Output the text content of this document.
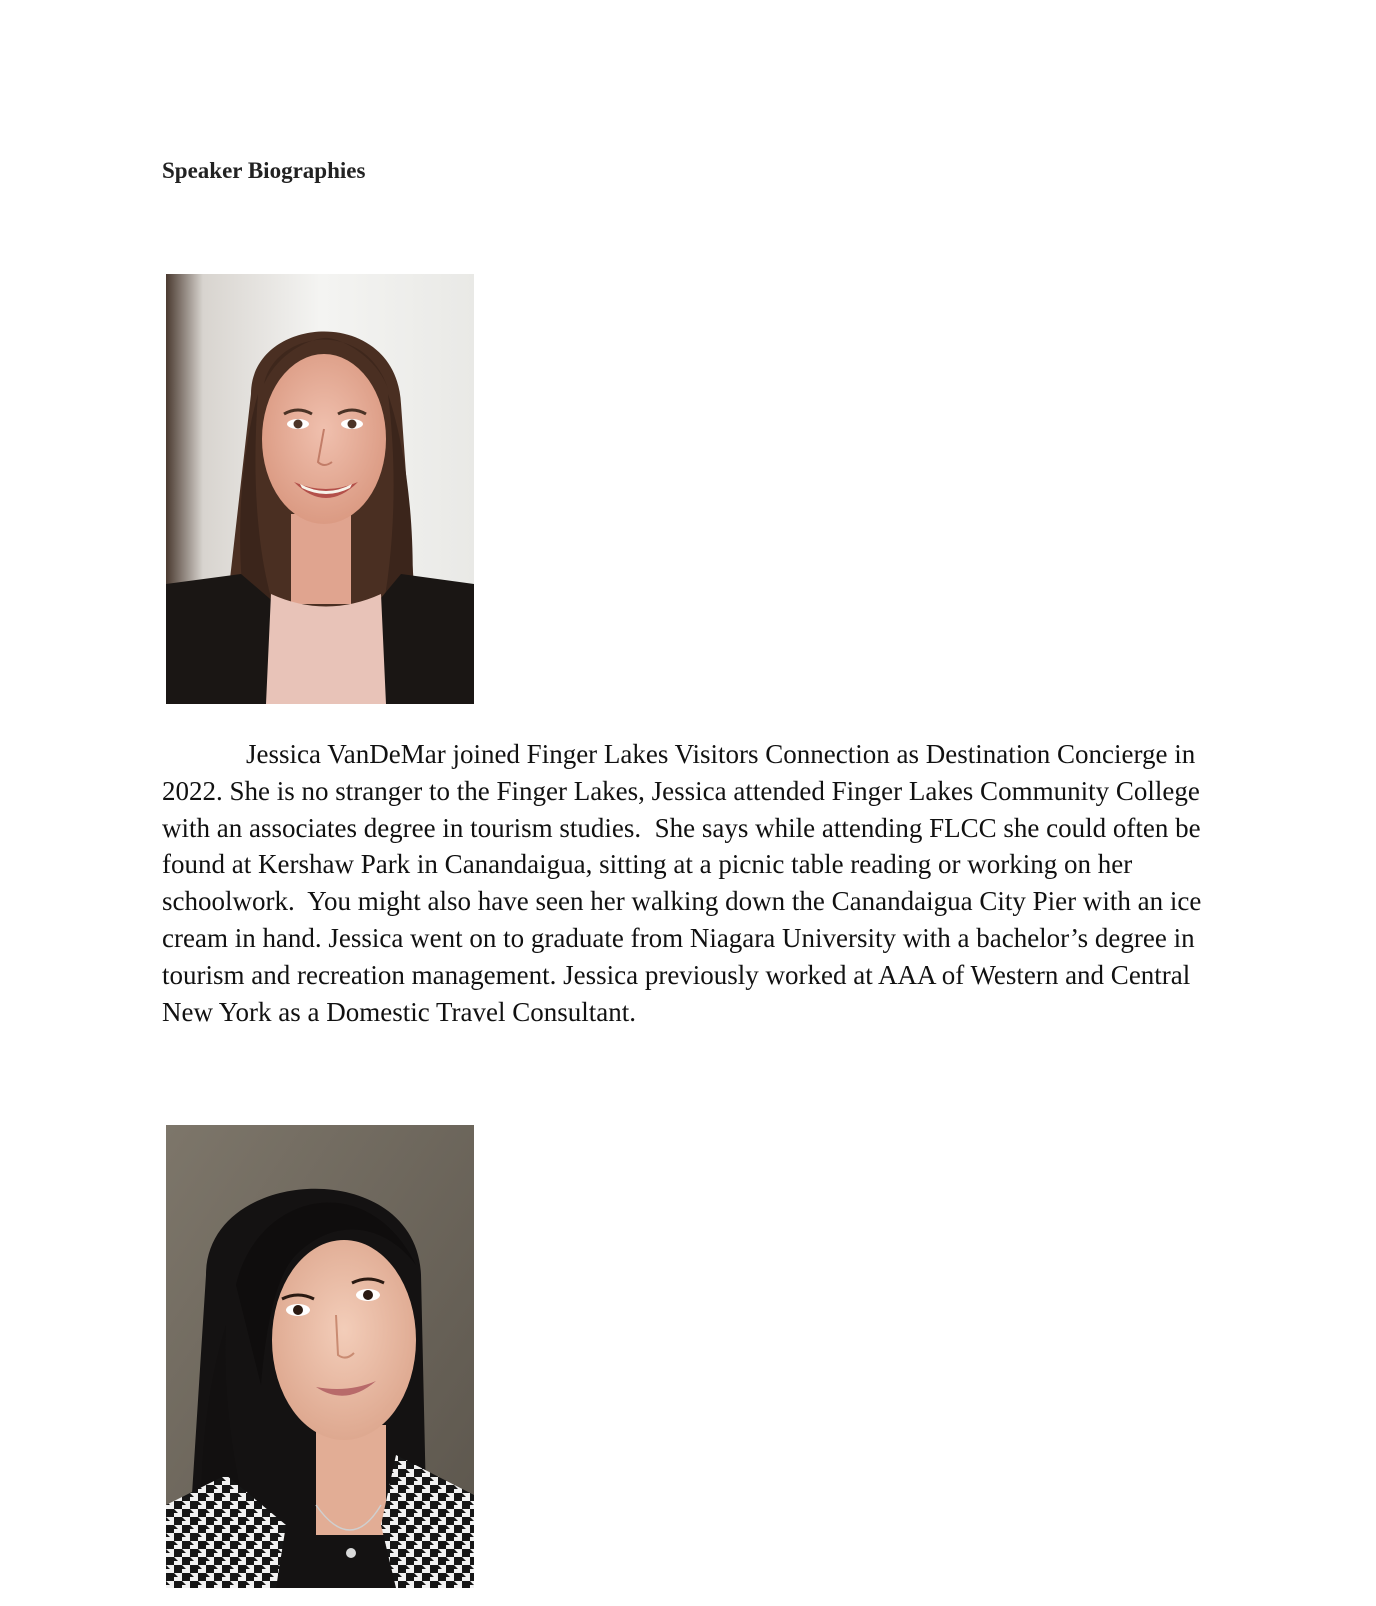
Speaker Biographies
Jessica VanDeMar joined Finger Lakes Visitors Connection as Destination Concierge in
2022. She is no stranger to the Finger Lakes, Jessica attended Finger Lakes Community College
with an associates degree in tourism studies.  She says while attending FLCC she could often be
found at Kershaw Park in Canandaigua, sitting at a picnic table reading or working on her
schoolwork.  You might also have seen her walking down the Canandaigua City Pier with an ice
cream in hand. Jessica went on to graduate from Niagara University with a bachelor’s degree in
tourism and recreation management. Jessica previously worked at AAA of Western and Central
New York as a Domestic Travel Consultant.
